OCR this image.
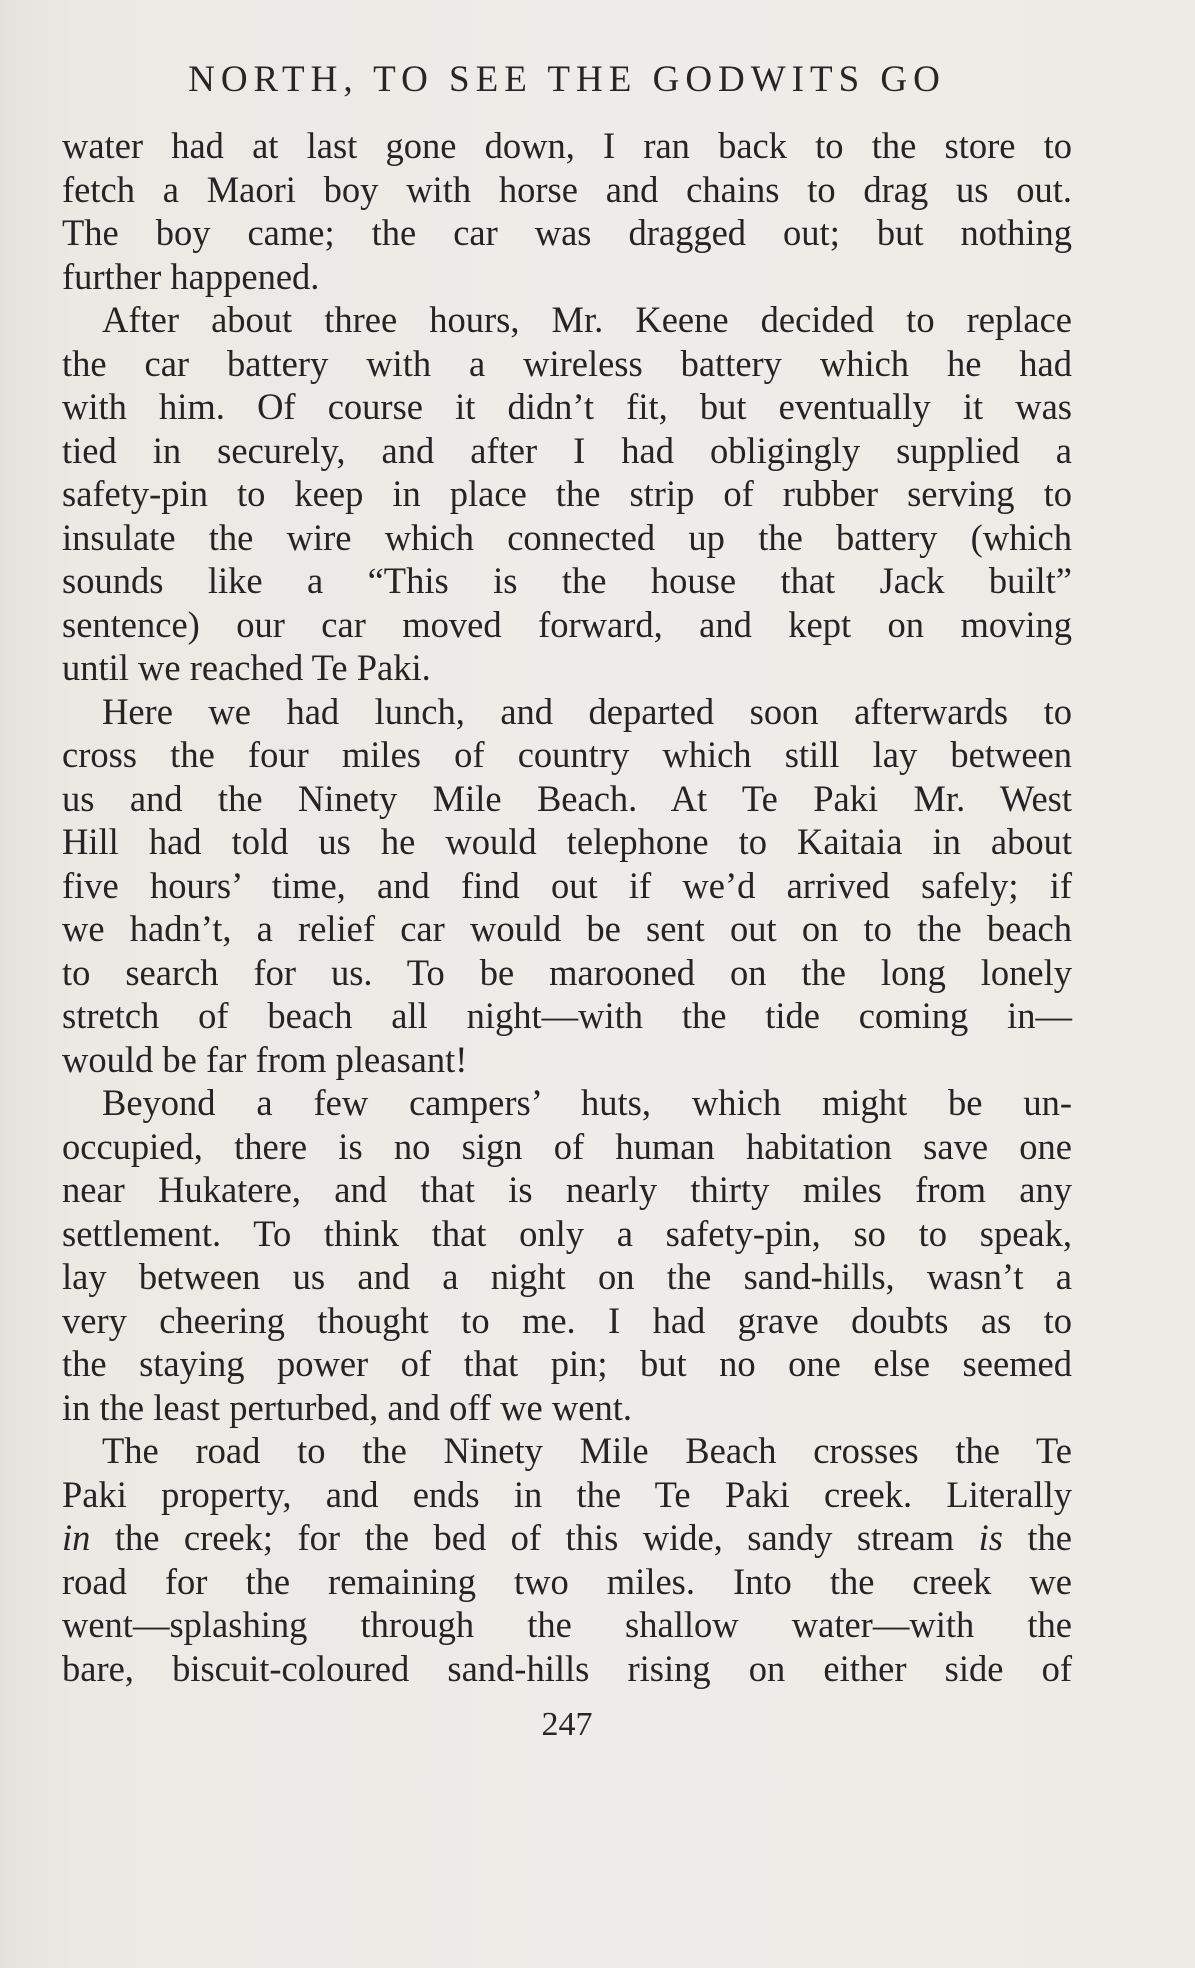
NORTH, TO SEE THE GODWITS GO
water had at last gone down, I ran back to the store to
fetch a Maori boy with horse and chains to drag us out.
The boy came; the car was dragged out; but nothing
further happened.
After about three hours, Mr. Keene decided to replace
the car battery with a wireless battery which he had
with him. Of course it didn’t fit, but eventually it was
tied in securely, and after I had obligingly supplied a
safety-pin to keep in place the strip of rubber serving to
insulate the wire which connected up the battery (which
sounds like a “This is the house that Jack built”
sentence) our car moved forward, and kept on moving
until we reached Te Paki.
Here we had lunch, and departed soon afterwards to
cross the four miles of country which still lay between
us and the Ninety Mile Beach. At Te Paki Mr. West
Hill had told us he would telephone to Kaitaia in about
five hours’ time, and find out if we’d arrived safely; if
we hadn’t, a relief car would be sent out on to the beach
to search for us. To be marooned on the long lonely
stretch of beach all night—with the tide coming in—
would be far from pleasant!
Beyond a few campers’ huts, which might be un-
occupied, there is no sign of human habitation save one
near Hukatere, and that is nearly thirty miles from any
settlement. To think that only a safety-pin, so to speak,
lay between us and a night on the sand-hills, wasn’t a
very cheering thought to me. I had grave doubts as to
the staying power of that pin; but no one else seemed
in the least perturbed, and off we went.
The road to the Ninety Mile Beach crosses the Te
Paki property, and ends in the Te Paki creek. Literally
in the creek; for the bed of this wide, sandy stream is the
road for the remaining two miles. Into the creek we
went—splashing through the shallow water—with the
bare, biscuit-coloured sand-hills rising on either side of
247
